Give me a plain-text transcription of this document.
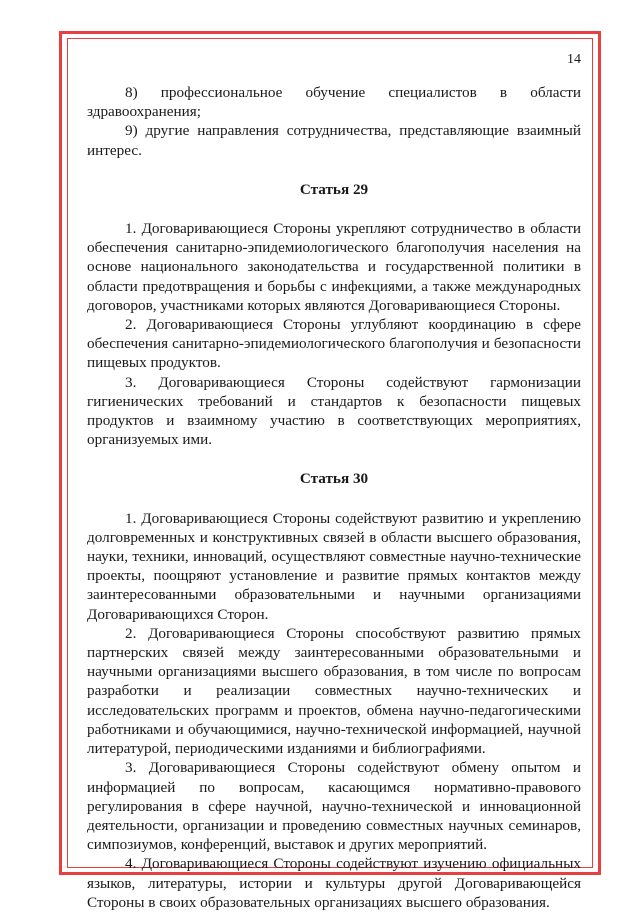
14

8) профессиональное обучение специалистов в области здравоохранения;

9) другие направления сотрудничества, представляющие взаимный интерес.

Статья 29

1. Договаривающиеся Стороны укрепляют сотрудничество в области обеспечения санитарно-эпидемиологического благополучия населения на основе национального законодательства и государственной политики в области предотвращения и борьбы с инфекциями, а также международных договоров, участниками которых являются Договаривающиеся Стороны.

2. Договаривающиеся Стороны углубляют координацию в сфере обеспечения санитарно-эпидемиологического благополучия и безопасности пищевых продуктов.

3. Договаривающиеся Стороны содействуют гармонизации гигиенических требований и стандартов к безопасности пищевых продуктов и взаимному участию в соответствующих мероприятиях, организуемых ими.

Статья 30

1. Договаривающиеся Стороны содействуют развитию и укреплению долговременных и конструктивных связей в области высшего образования, науки, техники, инноваций, осуществляют совместные научно-технические проекты, поощряют установление и развитие прямых контактов между заинтересованными образовательными и научными организациями Договаривающихся Сторон.

2. Договаривающиеся Стороны способствуют развитию прямых партнерских связей между заинтересованными образовательными и научными организациями высшего образования, в том числе по вопросам разработки и реализации совместных научно-технических и исследовательских программ и проектов, обмена научно-педагогическими работниками и обучающимися, научно-технической информацией, научной литературой, периодическими изданиями и библиографиями.

3. Договаривающиеся Стороны содействуют обмену опытом и информацией по вопросам, касающимся нормативно-правового регулирования в сфере научной, научно-технической и инновационной деятельности, организации и проведению совместных научных семинаров, симпозиумов, конференций, выставок и других мероприятий.

4. Договаривающиеся Стороны содействуют изучению официальных языков, литературы, истории и культуры другой Договаривающейся Стороны в своих образовательных организациях высшего образования.
